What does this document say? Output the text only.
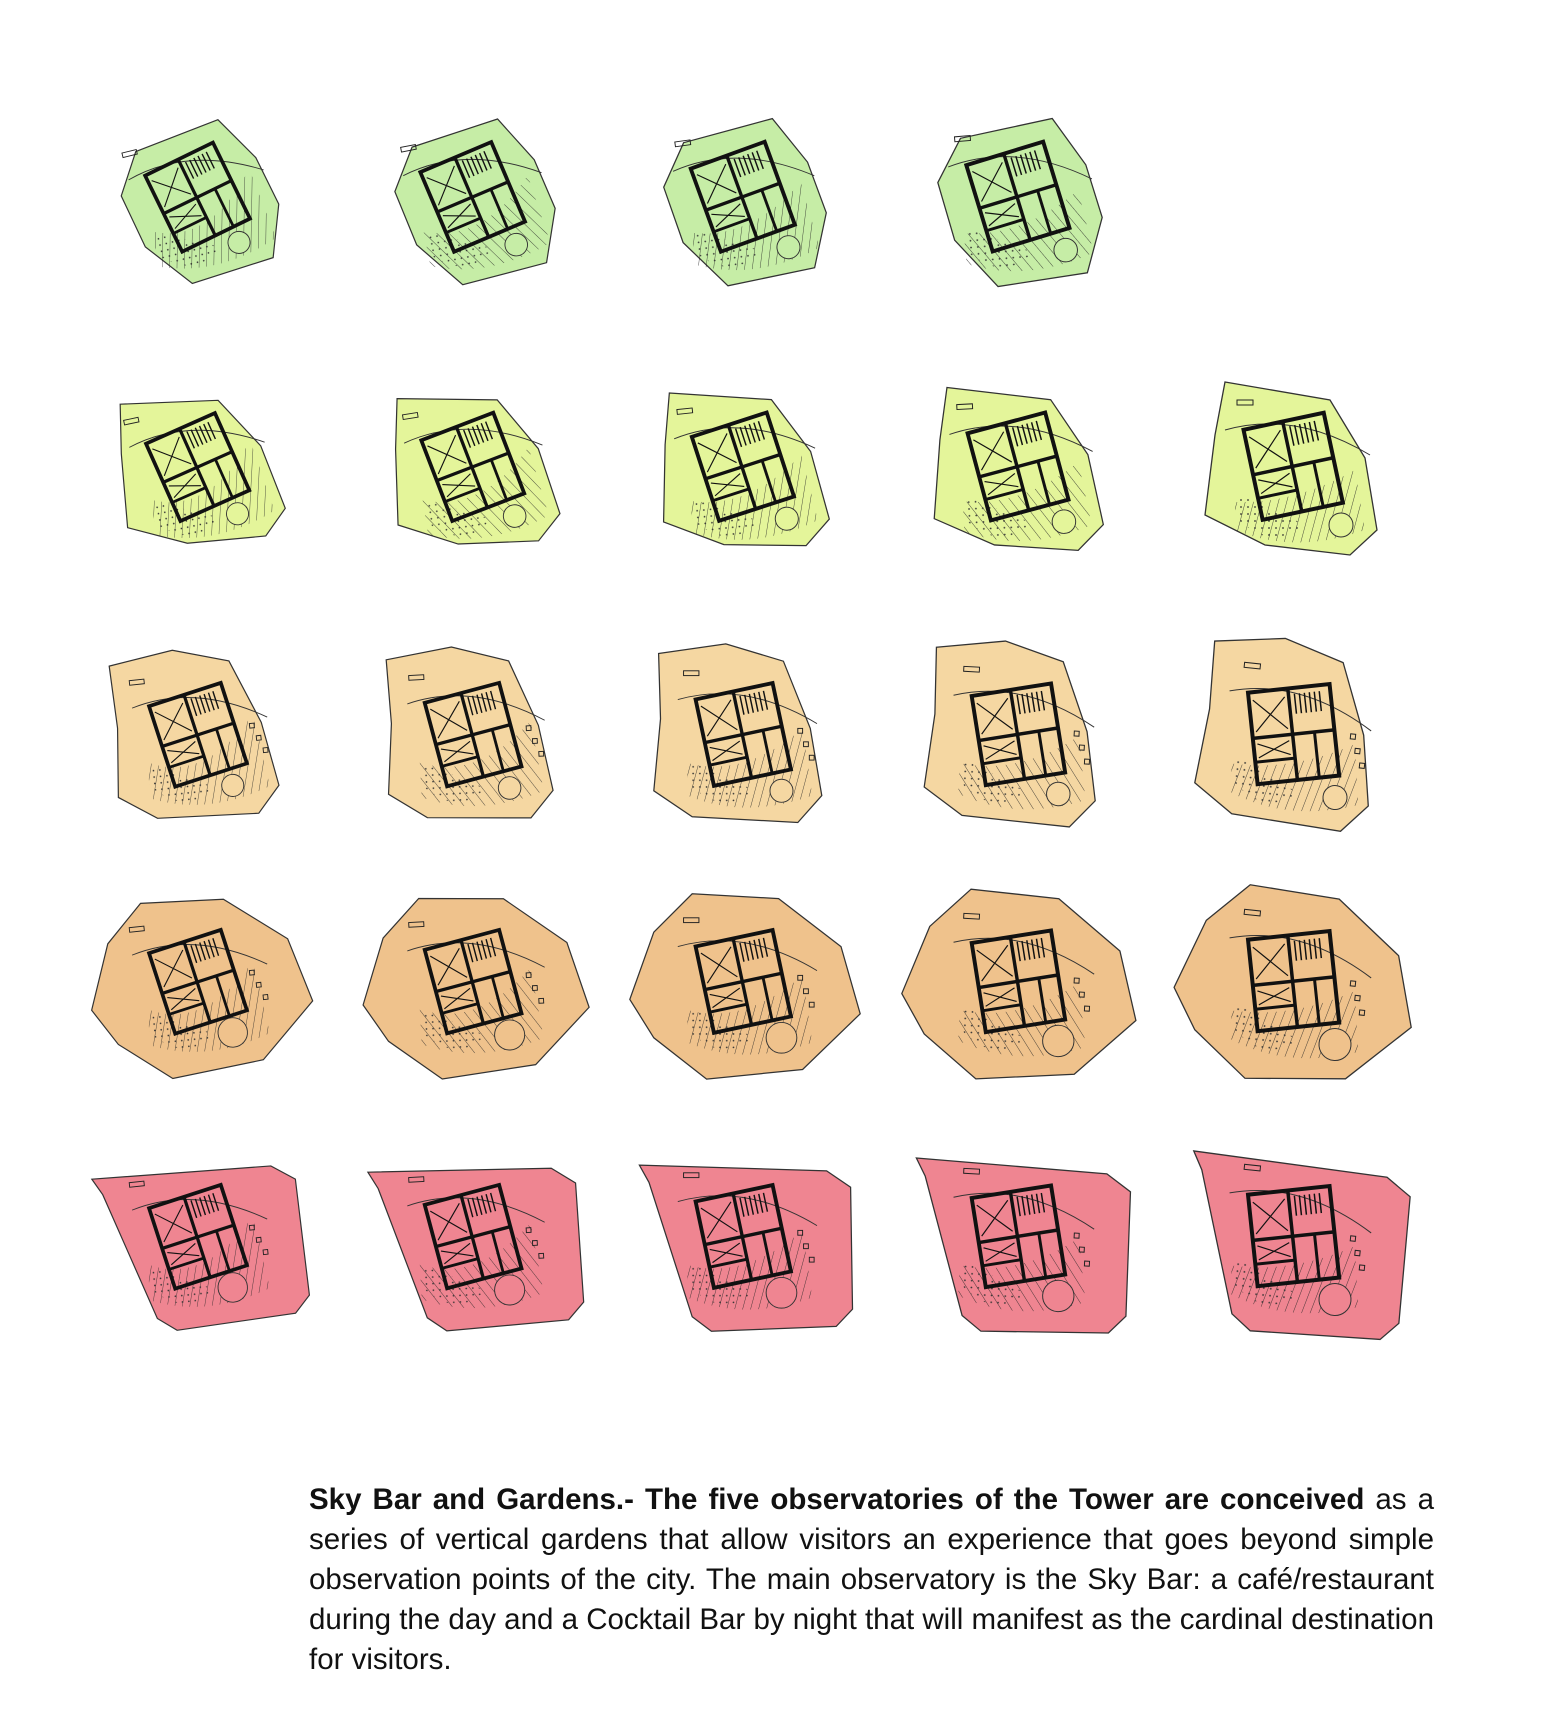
Sky Bar and Gardens.- The five observatories of the Tower are conceived as a series of vertical gardens that allow visitors an experience that goes beyond simple observation points of the city. The main observatory is the Sky Bar: a café/restaurant during the day and a Cocktail Bar by night that will manifest as the cardinal destination for visitors.
